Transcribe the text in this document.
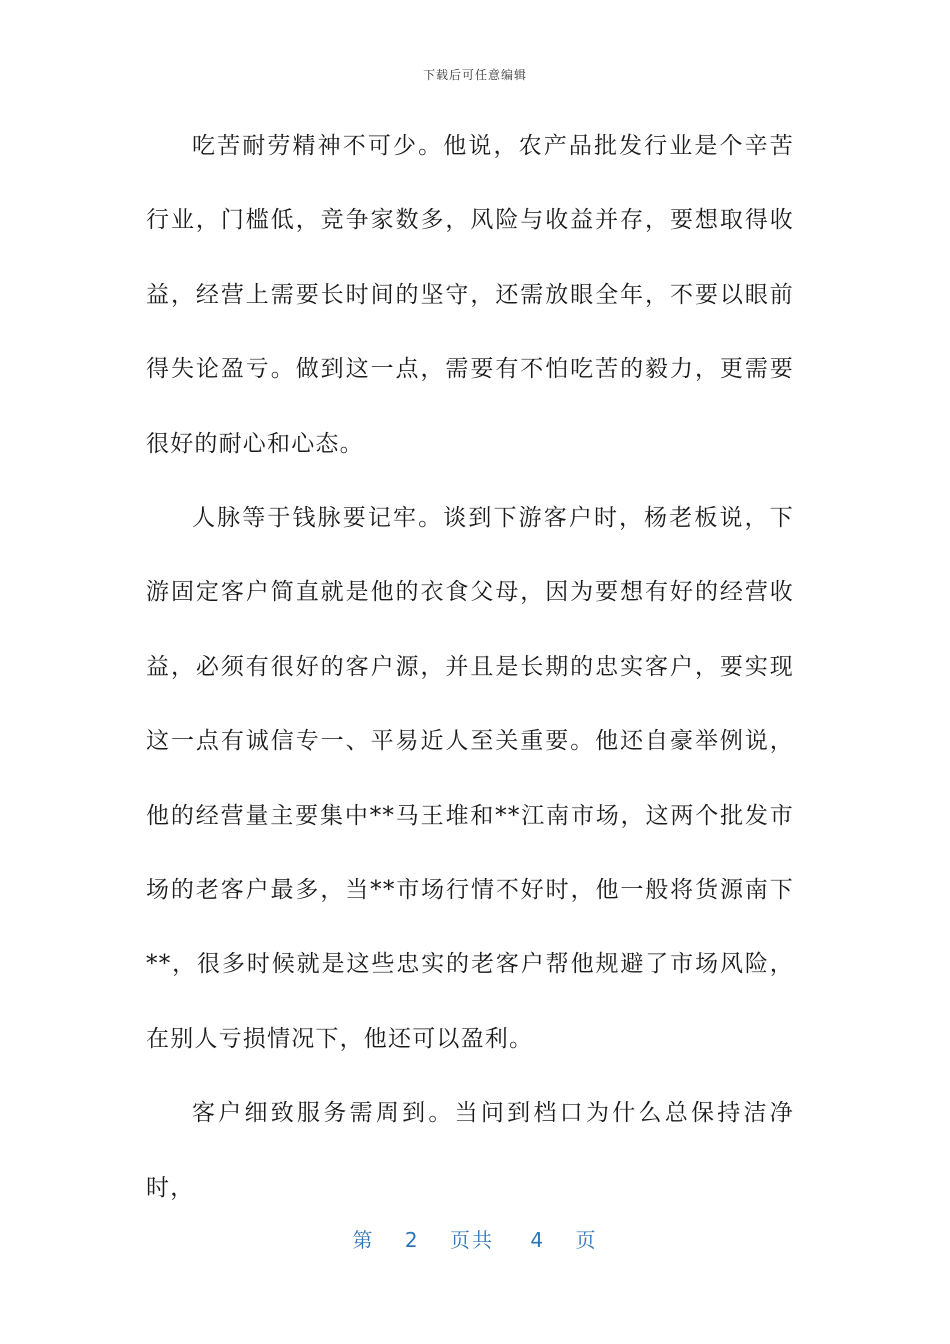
下载后可任意编辑

吃苦耐劳精神不可少。他说，农产品批发行业是个辛苦行业，门槛低，竞争家数多，风险与收益并存，要想取得收益，经营上需要长时间的坚守，还需放眼全年，不要以眼前得失论盈亏。做到这一点，需要有不怕吃苦的毅力，更需要很好的耐心和心态。

人脉等于钱脉要记牢。谈到下游客户时，杨老板说，下游固定客户简直就是他的衣食父母，因为要想有好的经营收益，必须有很好的客户源，并且是长期的忠实客户，要实现这一点有诚信专一、平易近人至关重要。他还自豪举例说，他的经营量主要集中**马王堆和**江南市场，这两个批发市场的老客户最多，当**市场行情不好时，他一般将货源南下**，很多时候就是这些忠实的老客户帮他规避了市场风险，在别人亏损情况下，他还可以盈利。

客户细致服务需周到。当问到档口为什么总保持洁净时，

第 2 页共 4 页
